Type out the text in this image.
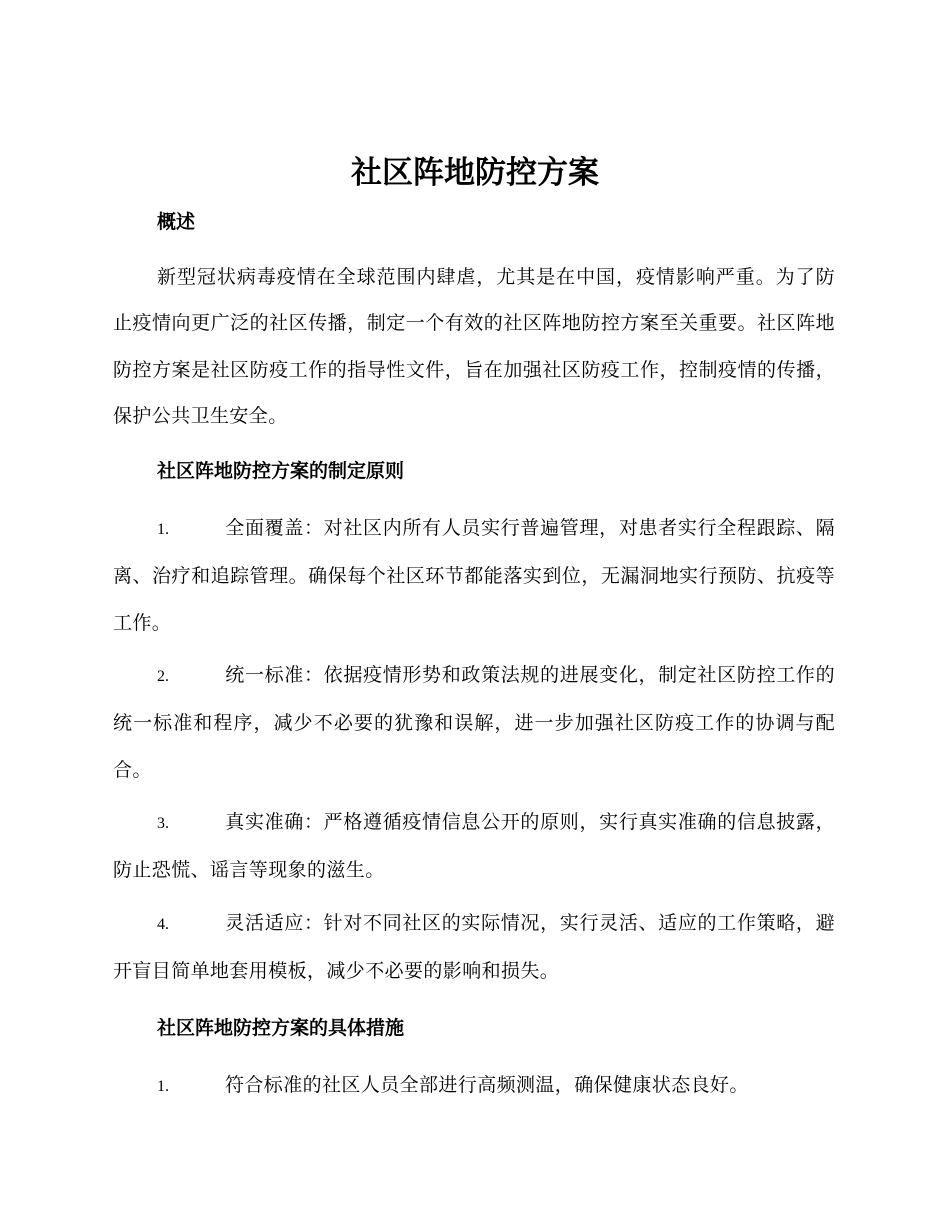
社区阵地防控方案
概述

新型冠状病毒疫情在全球范围内肆虐，尤其是在中国，疫情影响严重。为了防止疫情向更广泛的社区传播，制定一个有效的社区阵地防控方案至关重要。社区阵地防控方案是社区防疫工作的指导性文件，旨在加强社区防疫工作，控制疫情的传播，保护公共卫生安全。

社区阵地防控方案的制定原则

1.	全面覆盖：对社区内所有人员实行普遍管理，对患者实行全程跟踪、隔离、治疗和追踪管理。确保每个社区环节都能落实到位，无漏洞地实行预防、抗疫等工作。

2.	统一标准：依据疫情形势和政策法规的进展变化，制定社区防控工作的统一标准和程序，减少不必要的犹豫和误解，进一步加强社区防疫工作的协调与配合。

3.	真实准确：严格遵循疫情信息公开的原则，实行真实准确的信息披露，防止恐慌、谣言等现象的滋生。

4.	灵活适应：针对不同社区的实际情况，实行灵活、适应的工作策略，避开盲目简单地套用模板，减少不必要的影响和损失。

社区阵地防控方案的具体措施

1.	符合标准的社区人员全部进行高频测温，确保健康状态良好。
